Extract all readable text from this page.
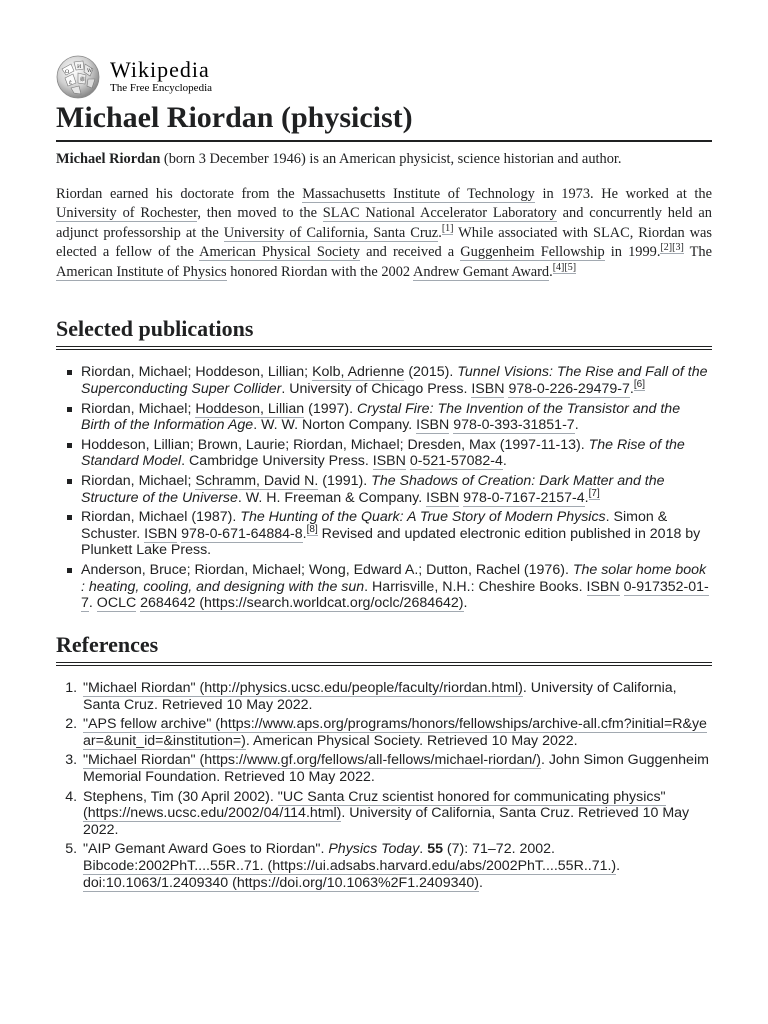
Ω
И
W
ع 維 Wikipedia
The Free Encyclopedia
Michael Riordan (physicist)

Michael Riordan (born 3 December 1946) is an American physicist, science historian and author.

Riordan earned his doctorate from the Massachusetts Institute of Technology in 1973. He worked at the University of Rochester, then moved to the SLAC National Accelerator Laboratory and concurrently held an adjunct professorship at the University of California, Santa Cruz.[1] While associated with SLAC, Riordan was elected a fellow of the American Physical Society and received a Guggenheim Fellowship in 1999.[2][3] The American Institute of Physics honored Riordan with the 2002 Andrew Gemant Award.[4][5]

Selected publications
Riordan, Michael; Hoddeson, Lillian; Kolb, Adrienne (2015). Tunnel Visions: The Rise and Fall of the Superconducting Super Collider. University of Chicago Press. ISBN 978-0-226-29479-7.[6]
Riordan, Michael; Hoddeson, Lillian (1997). Crystal Fire: The Invention of the Transistor and the Birth of the Information Age. W. W. Norton Company. ISBN 978-0-393-31851-7.
Hoddeson, Lillian; Brown, Laurie; Riordan, Michael; Dresden, Max (1997-11-13). The Rise of the Standard Model. Cambridge University Press. ISBN 0-521-57082-4.
Riordan, Michael; Schramm, David N. (1991). The Shadows of Creation: Dark Matter and the Structure of the Universe. W. H. Freeman & Company. ISBN 978-0-7167-2157-4.[7]
Riordan, Michael (1987). The Hunting of the Quark: A True Story of Modern Physics. Simon & Schuster. ISBN 978-0-671-64884-8.[8] Revised and updated electronic edition published in 2018 by Plunkett Lake Press.
Anderson, Bruce; Riordan, Michael; Wong, Edward A.; Dutton, Rachel (1976). The solar home book : heating, cooling, and designing with the sun. Harrisville, N.H.: Cheshire Books. ISBN 0-917352-01-7. OCLC 2684642 (https://search.worldcat.org/oclc/2684642).
References
1. "Michael Riordan" (http://physics.ucsc.edu/people/faculty/riordan.html). University of California, Santa Cruz. Retrieved 10 May 2022.
2. "APS fellow archive" (https://www.aps.org/programs/honors/fellowships/archive-all.cfm?initial=R&year=&unit_id=&institution=). American Physical Society. Retrieved 10 May 2022.
3. "Michael Riordan" (https://www.gf.org/fellows/all-fellows/michael-riordan/). John Simon Guggenheim Memorial Foundation. Retrieved 10 May 2022.
4. Stephens, Tim (30 April 2002). "UC Santa Cruz scientist honored for communicating physics" (https://news.ucsc.edu/2002/04/114.html). University of California, Santa Cruz. Retrieved 10 May 2022.
5. "AIP Gemant Award Goes to Riordan". Physics Today. 55 (7): 71–72. 2002. Bibcode:2002PhT....55R..71. (https://ui.adsabs.harvard.edu/abs/2002PhT....55R..71.). doi:10.1063/1.2409340 (https://doi.org/10.1063%2F1.2409340).
